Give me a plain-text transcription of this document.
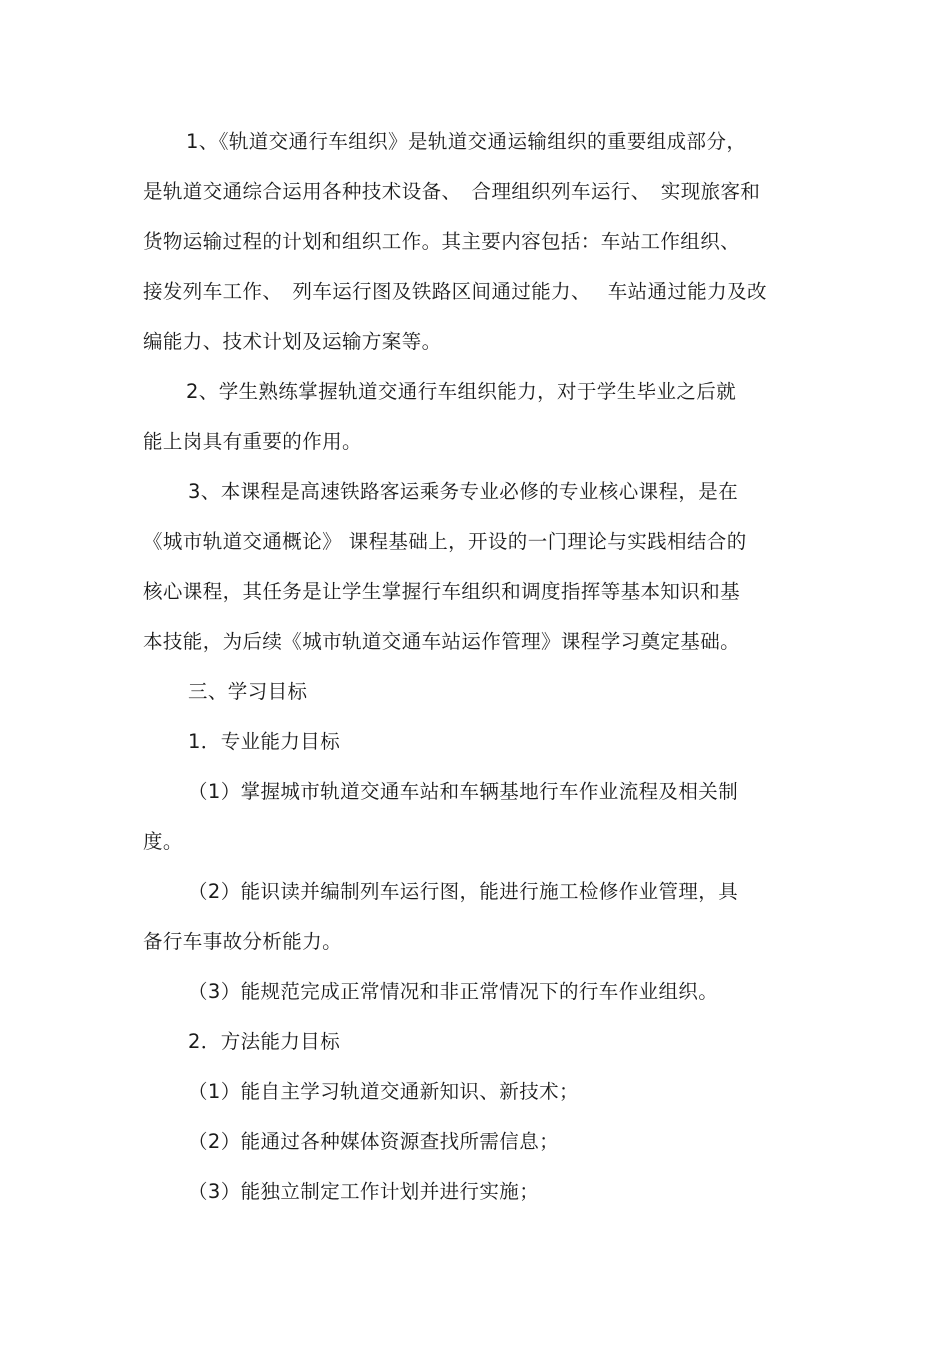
1、《轨道交通行车组织》是轨道交通运输组织的重要组成部分，
是轨道交通综合运用各种技术设备、　合理组织列车运行、　实现旅客和
货物运输过程的计划和组织工作。其主要内容包括：车站工作组织、
接发列车工作、　列车运行图及铁路区间通过能力、　 车站通过能力及改
编能力、技术计划及运输方案等。
2、学生熟练掌握轨道交通行车组织能力，对于学生毕业之后就
能上岗具有重要的作用。
3、本课程是高速铁路客运乘务专业必修的专业核心课程，是在
《城市轨道交通概论》 课程基础上，开设的一门理论与实践相结合的
核心课程，其任务是让学生掌握行车组织和调度指挥等基本知识和基
本技能，为后续《城市轨道交通车站运作管理》课程学习奠定基础。
三、学习目标
1．专业能力目标
（1）掌握城市轨道交通车站和车辆基地行车作业流程及相关制
度。
（2）能识读并编制列车运行图，能进行施工检修作业管理，具
备行车事故分析能力。
（3）能规范完成正常情况和非正常情况下的行车作业组织。
2．方法能力目标
（1）能自主学习轨道交通新知识、新技术；
（2）能通过各种媒体资源查找所需信息；
（3）能独立制定工作计划并进行实施；
